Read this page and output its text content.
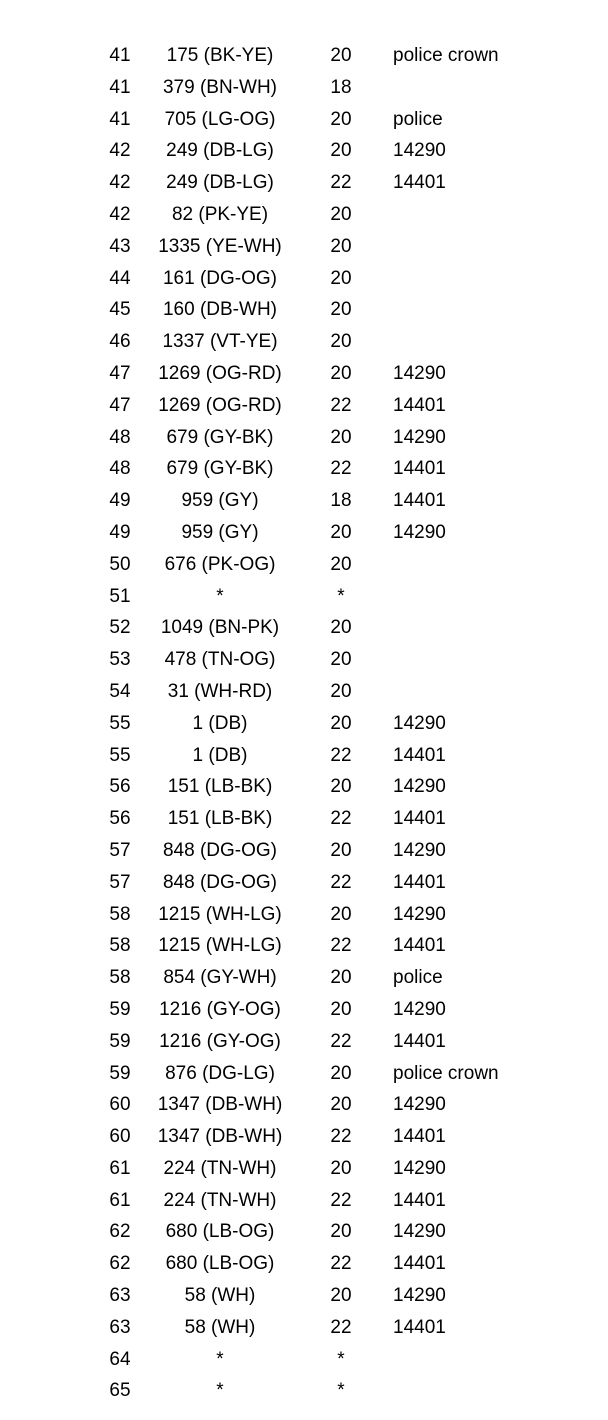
41	175 (BK-YE)	20	police crown
41	379 (BN-WH)	18
41	705 (LG-OG)	20	police
42	249 (DB-LG)	20	14290
42	249 (DB-LG)	22	14401
42	82 (PK-YE)	20
43	1335 (YE-WH)	20
44	161 (DG-OG)	20
45	160 (DB-WH)	20
46	1337 (VT-YE)	20
47	1269 (OG-RD)	20	14290
47	1269 (OG-RD)	22	14401
48	679 (GY-BK)	20	14290
48	679 (GY-BK)	22	14401
49	959 (GY)	18	14401
49	959 (GY)	20	14290
50	676 (PK-OG)	20
51	*	*
52	1049 (BN-PK)	20
53	478 (TN-OG)	20
54	31 (WH-RD)	20
55	1 (DB)	20	14290
55	1 (DB)	22	14401
56	151 (LB-BK)	20	14290
56	151 (LB-BK)	22	14401
57	848 (DG-OG)	20	14290
57	848 (DG-OG)	22	14401
58	1215 (WH-LG)	20	14290
58	1215 (WH-LG)	22	14401
58	854 (GY-WH)	20	police
59	1216 (GY-OG)	20	14290
59	1216 (GY-OG)	22	14401
59	876 (DG-LG)	20	police crown
60	1347 (DB-WH)	20	14290
60	1347 (DB-WH)	22	14401
61	224 (TN-WH)	20	14290
61	224 (TN-WH)	22	14401
62	680 (LB-OG)	20	14290
62	680 (LB-OG)	22	14401
63	58 (WH)	20	14290
63	58 (WH)	22	14401
64	*	*
65	*	*
